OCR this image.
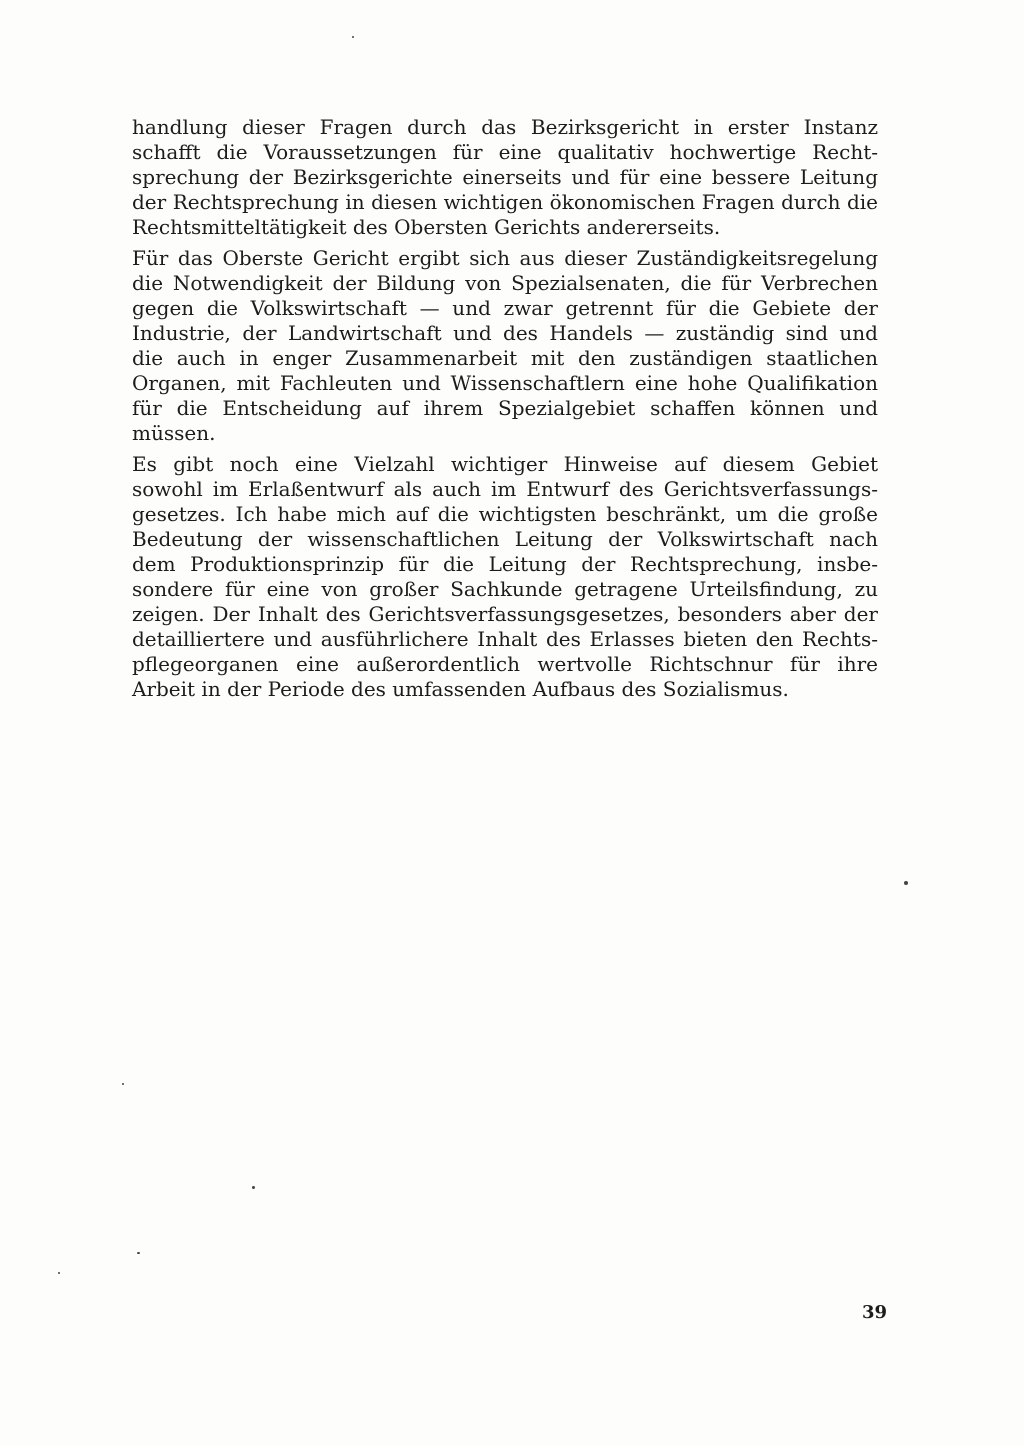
handlung dieser Fragen durch das Bezirksgericht in erster Instanz
schafft die Voraussetzungen für eine qualitativ hochwertige Recht-
sprechung der Bezirksgerichte einerseits und für eine bessere Leitung
der Rechtsprechung in diesen wichtigen ökonomischen Fragen durch die
Rechtsmitteltätigkeit des Obersten Gerichts andererseits.

Für das Oberste Gericht ergibt sich aus dieser Zuständigkeitsregelung
die Notwendigkeit der Bildung von Spezialsenaten, die für Verbrechen
gegen die Volkswirtschaft — und zwar getrennt für die Gebiete der
Industrie, der Landwirtschaft und des Handels — zuständig sind und
die auch in enger Zusammenarbeit mit den zuständigen staatlichen
Organen, mit Fachleuten und Wissenschaftlern eine hohe Qualifikation
für die Entscheidung auf ihrem Spezialgebiet schaffen können und
müssen.

Es gibt noch eine Vielzahl wichtiger Hinweise auf diesem Gebiet
sowohl im Erlaßentwurf als auch im Entwurf des Gerichtsverfassungs-
gesetzes. Ich habe mich auf die wichtigsten beschränkt, um die große
Bedeutung der wissenschaftlichen Leitung der Volkswirtschaft nach
dem Produktionsprinzip für die Leitung der Rechtsprechung, insbe-
sondere für eine von großer Sachkunde getragene Urteilsfindung, zu
zeigen. Der Inhalt des Gerichtsverfassungsgesetzes, besonders aber der
detailliertere und ausführlichere Inhalt des Erlasses bieten den Rechts-
pflegeorganen eine außerordentlich wertvolle Richtschnur für ihre
Arbeit in der Periode des umfassenden Aufbaus des Sozialismus.

39
